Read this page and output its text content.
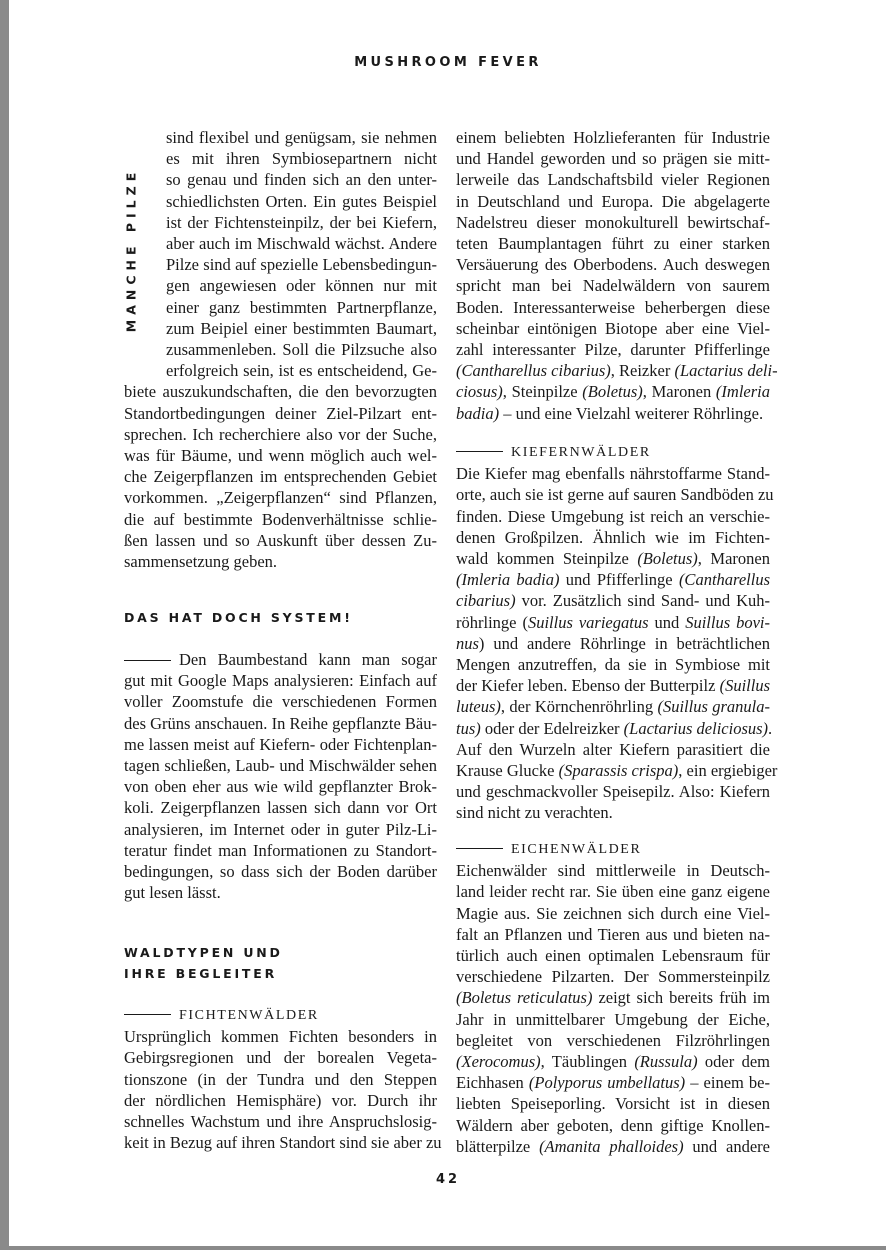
MUSHROOM FEVER
MANCHE PILZE
sind flexibel und genügsam, sie nehmen
es mit ihren Symbiosepartnern nicht
so genau und finden sich an den unter-
schiedlichsten Orten. Ein gutes Beispiel
ist der Fichtensteinpilz, der bei Kiefern,
aber auch im Mischwald wächst. Andere
Pilze sind auf spezielle Lebensbedingun-
gen angewiesen oder können nur mit
einer ganz bestimmten Partnerpflanze,
zum Beipiel einer bestimmten Baumart,
zusammenleben. Soll die Pilzsuche also
erfolgreich sein, ist es entscheidend, Ge-
biete auszukundschaften, die den bevorzugten
Standortbedingungen deiner Ziel-Pilzart ent-
sprechen. Ich recherchiere also vor der Suche,
was für Bäume, und wenn möglich auch wel-
che Zeigerpflanzen im entsprechenden Gebiet
vorkommen. „Zeigerpflanzen“ sind Pflanzen,
die auf bestimmte Bodenverhältnisse schlie-
ßen lassen und so Auskunft über dessen Zu-
sammensetzung geben.
DAS HAT DOCH SYSTEM!
Den Baumbestand kann man sogar
gut mit Google Maps analysieren: Einfach auf
voller Zoomstufe die verschiedenen Formen
des Grüns anschauen. In Reihe gepflanzte Bäu-
me lassen meist auf Kiefern- oder Fichtenplan-
tagen schließen, Laub- und Mischwälder sehen
von oben eher aus wie wild gepflanzter Brok-
koli. Zeigerpflanzen lassen sich dann vor Ort
analysieren, im Internet oder in guter Pilz-Li-
teratur findet man Informationen zu Standort-
bedingungen, so dass sich der Boden darüber
gut lesen lässt.
WALDTYPEN UND
IHRE BEGLEITER
FICHTENWÄLDER
Ursprünglich kommen Fichten besonders in
Gebirgsregionen und der borealen Vegeta-
tionszone (in der Tundra und den Steppen
der nördlichen Hemisphäre) vor. Durch ihr
schnelles Wachstum und ihre Anspruchslosig-
keit in Bezug auf ihren Standort sind sie aber zu
einem beliebten Holzlieferanten für Industrie
und Handel geworden und so prägen sie mitt-
lerweile das Landschaftsbild vieler Regionen
in Deutschland und Europa. Die abgelagerte
Nadelstreu dieser monokulturell bewirtschaf-
teten Baumplantagen führt zu einer starken
Versäuerung des Oberbodens. Auch deswegen
spricht man bei Nadelwäldern von saurem
Boden. Interessanterweise beherbergen diese
scheinbar eintönigen Biotope aber eine Viel-
zahl interessanter Pilze, darunter Pfifferlinge
(Cantharellus cibarius), Reizker (Lactarius deli-
ciosus), Steinpilze (Boletus), Maronen (Imleria
badia) – und eine Vielzahl weiterer Röhrlinge.
KIEFERNWÄLDER
Die Kiefer mag ebenfalls nährstoffarme Stand-
orte, auch sie ist gerne auf sauren Sandböden zu
finden. Diese Umgebung ist reich an verschie-
denen Großpilzen. Ähnlich wie im Fichten-
wald kommen Steinpilze (Boletus), Maronen
(Imleria badia) und Pfifferlinge (Cantharellus
cibarius) vor. Zusätzlich sind Sand- und Kuh-
röhrlinge (Suillus variegatus und Suillus bovi-
nus) und andere Röhrlinge in beträchtlichen
Mengen anzutreffen, da sie in Symbiose mit
der Kiefer leben. Ebenso der Butterpilz (Suillus
luteus), der Körnchenröhrling (Suillus granula-
tus) oder der Edelreizker (Lactarius deliciosus).
Auf den Wurzeln alter Kiefern parasitiert die
Krause Glucke (Sparassis crispa), ein ergiebiger
und geschmackvoller Speisepilz. Also: Kiefern
sind nicht zu verachten.
EICHENWÄLDER
Eichenwälder sind mittlerweile in Deutsch-
land leider recht rar. Sie üben eine ganz eigene
Magie aus. Sie zeichnen sich durch eine Viel-
falt an Pflanzen und Tieren aus und bieten na-
türlich auch einen optimalen Lebensraum für
verschiedene Pilzarten. Der Sommersteinpilz
(Boletus reticulatus) zeigt sich bereits früh im
Jahr in unmittelbarer Umgebung der Eiche,
begleitet von verschiedenen Filzröhrlingen
(Xerocomus), Täublingen (Russula) oder dem
Eichhasen (Polyporus umbellatus) – einem be-
liebten Speiseporling. Vorsicht ist in diesen
Wäldern aber geboten, denn giftige Knollen-
blätterpilze (Amanita phalloides) und andere
42
